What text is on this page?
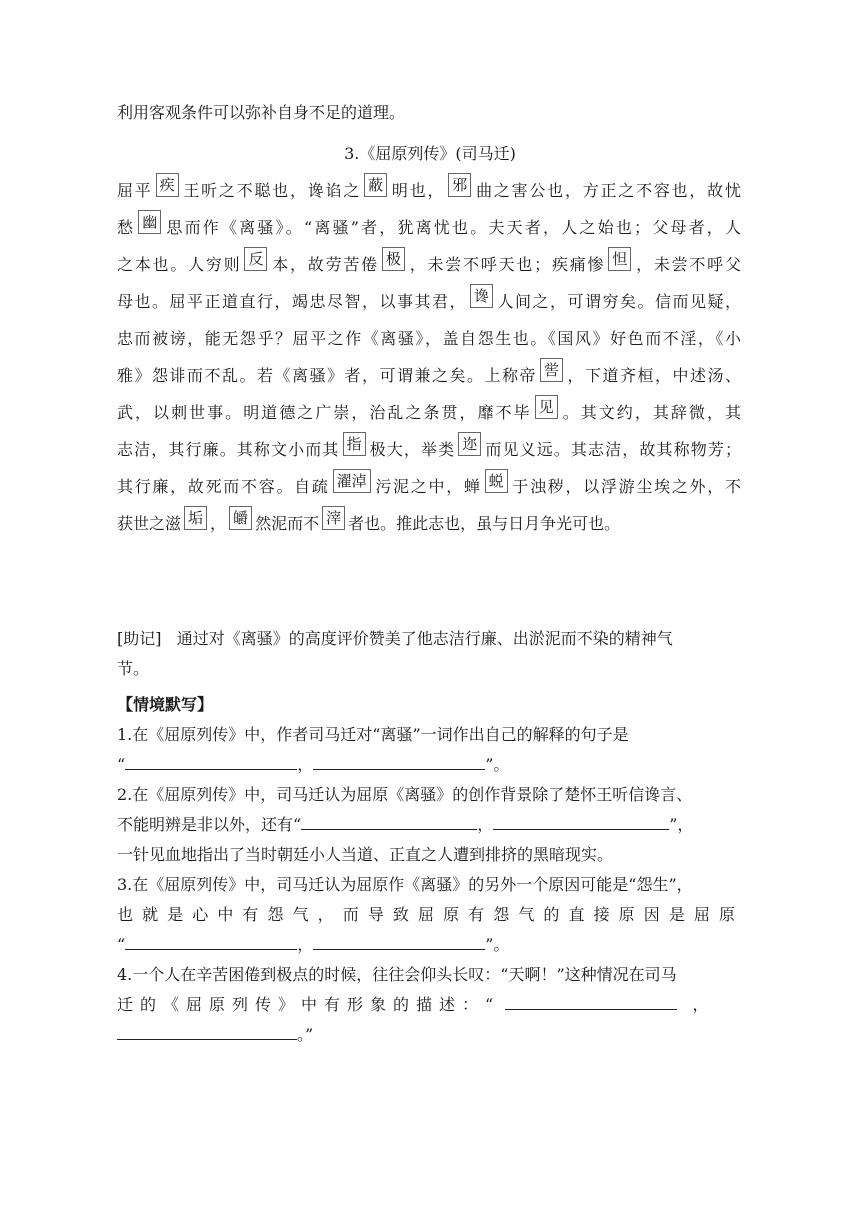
利用客观条件可以弥补自身不足的道理。
3.《屈原列传》(司马迁)

屈平 疾 王听之不聪也，谗谄之 蔽 明也， 邪 曲之害公也，方正之不容也，故忧

愁 幽 思而作《离骚》。“离骚”者，犹离忧也。夫天者，人之始也；父母者，人

之本也。人穷则 反 本，故劳苦倦 极 ，未尝不呼天也；疾痛惨 怛 ，未尝不呼父

母也。屈平正道直行，竭忠尽智，以事其君， 谗 人间之，可谓穷矣。信而见疑，

忠而被谤，能无怨乎？屈平之作《离骚》，盖自怨生也。《国风》好色而不淫，《小

雅》怨诽而不乱。若《离骚》者，可谓兼之矣。上称帝 喾 ，下道齐桓，中述汤、

武，以刺世事。明道德之广崇，治乱之条贯，靡不毕 见 。其文约，其辞微，其

志洁，其行廉。其称文小而其 指 极大，举类 迩 而见义远。其志洁，故其称物芳；

其行廉，故死而不容。自疏 濯淖 污泥之中，蝉 蜕 于浊秽，以浮游尘埃之外，不

获世之滋 垢 ， 皭 然泥而不 滓 者也。推此志也，虽与日月争光可也。

[助记] 通过对《离骚》的高度评价赞美了他志洁行廉、出淤泥而不染的精神气

节。

【情境默写】

1.在《屈原列传》中，作者司马迁对“离骚”一词作出自己的解释的句子是

“	，	”。

2.在《屈原列传》中，司马迁认为屈原《离骚》的创作背景除了楚怀王听信谗言、

不能明辨是非以外，还有“	，	”，

一针见血地指出了当时朝廷小人当道、正直之人遭到排挤的黑暗现实。

3.在《屈原列传》中，司马迁认为屈原作《离骚》的另外一个原因可能是“怨生”，

也就是心中有怨气，而导致屈原有怨气的直接原因是屈原

“	，	”。

4.一个人在辛苦困倦到极点的时候，往往会仰头长叹：“天啊！”这种情况在司马

迁的《屈原列传》中有形象的描述：“	，

。”
